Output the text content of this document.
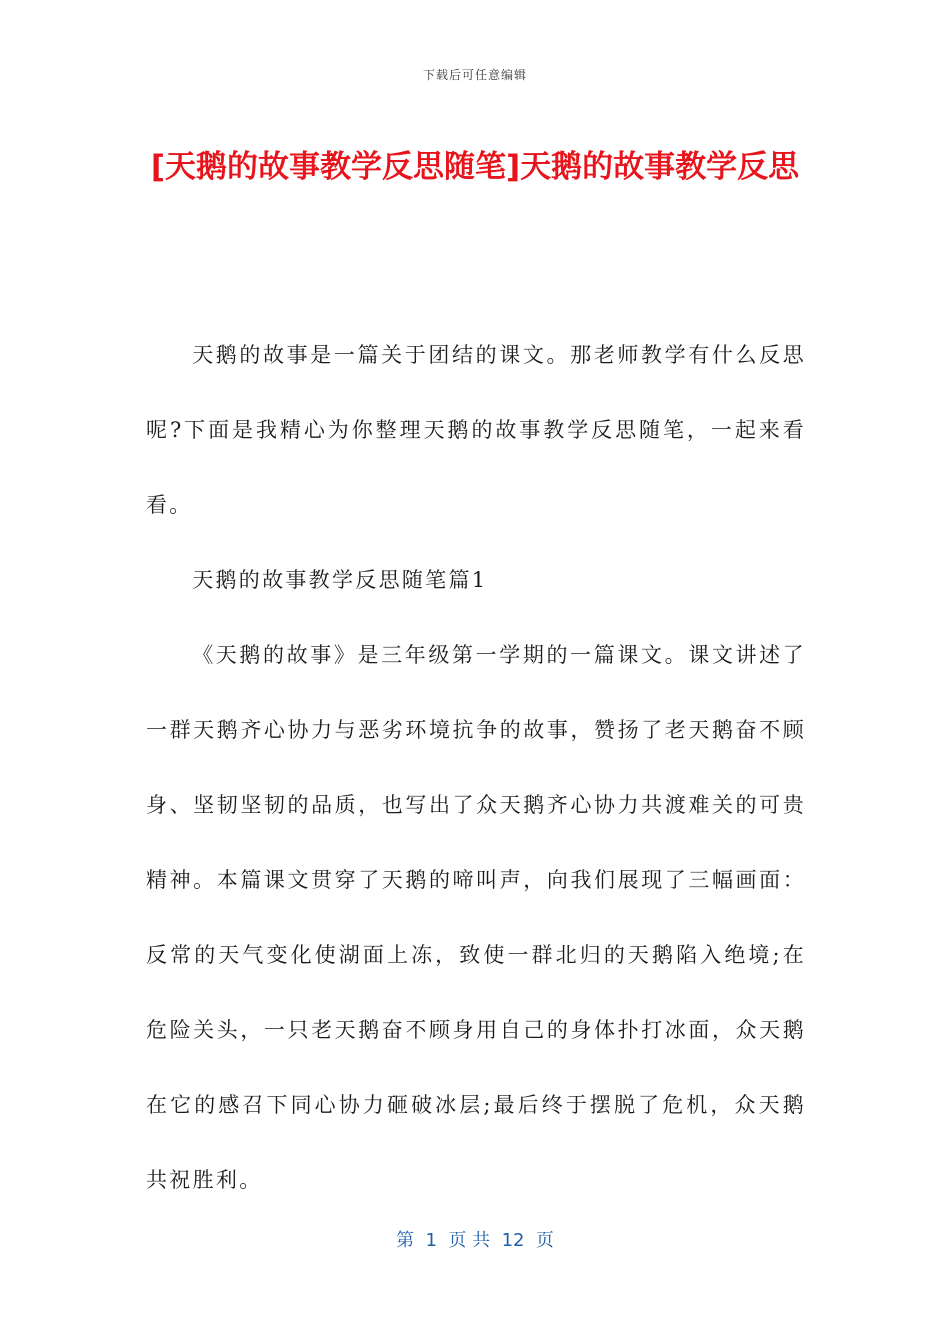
下载后可任意编辑
[天鹅的故事教学反思随笔]天鹅的故事教学反思

天鹅的故事是一篇关于团结的课文。那老师教学有什么反思呢?下面是我精心为你整理天鹅的故事教学反思随笔，一起来看看。

天鹅的故事教学反思随笔篇1

《天鹅的故事》是三年级第一学期的一篇课文。课文讲述了一群天鹅齐心协力与恶劣环境抗争的故事，赞扬了老天鹅奋不顾身、坚韧坚韧的品质，也写出了众天鹅齐心协力共渡难关的可贵精神。本篇课文贯穿了天鹅的啼叫声，向我们展现了三幅画面：反常的天气变化使湖面上冻，致使一群北归的天鹅陷入绝境;在危险关头，一只老天鹅奋不顾身用自己的身体扑打冰面，众天鹅在它的感召下同心协力砸破冰层;最后终于摆脱了危机，众天鹅共祝胜利。

第  1  页 共  12  页
